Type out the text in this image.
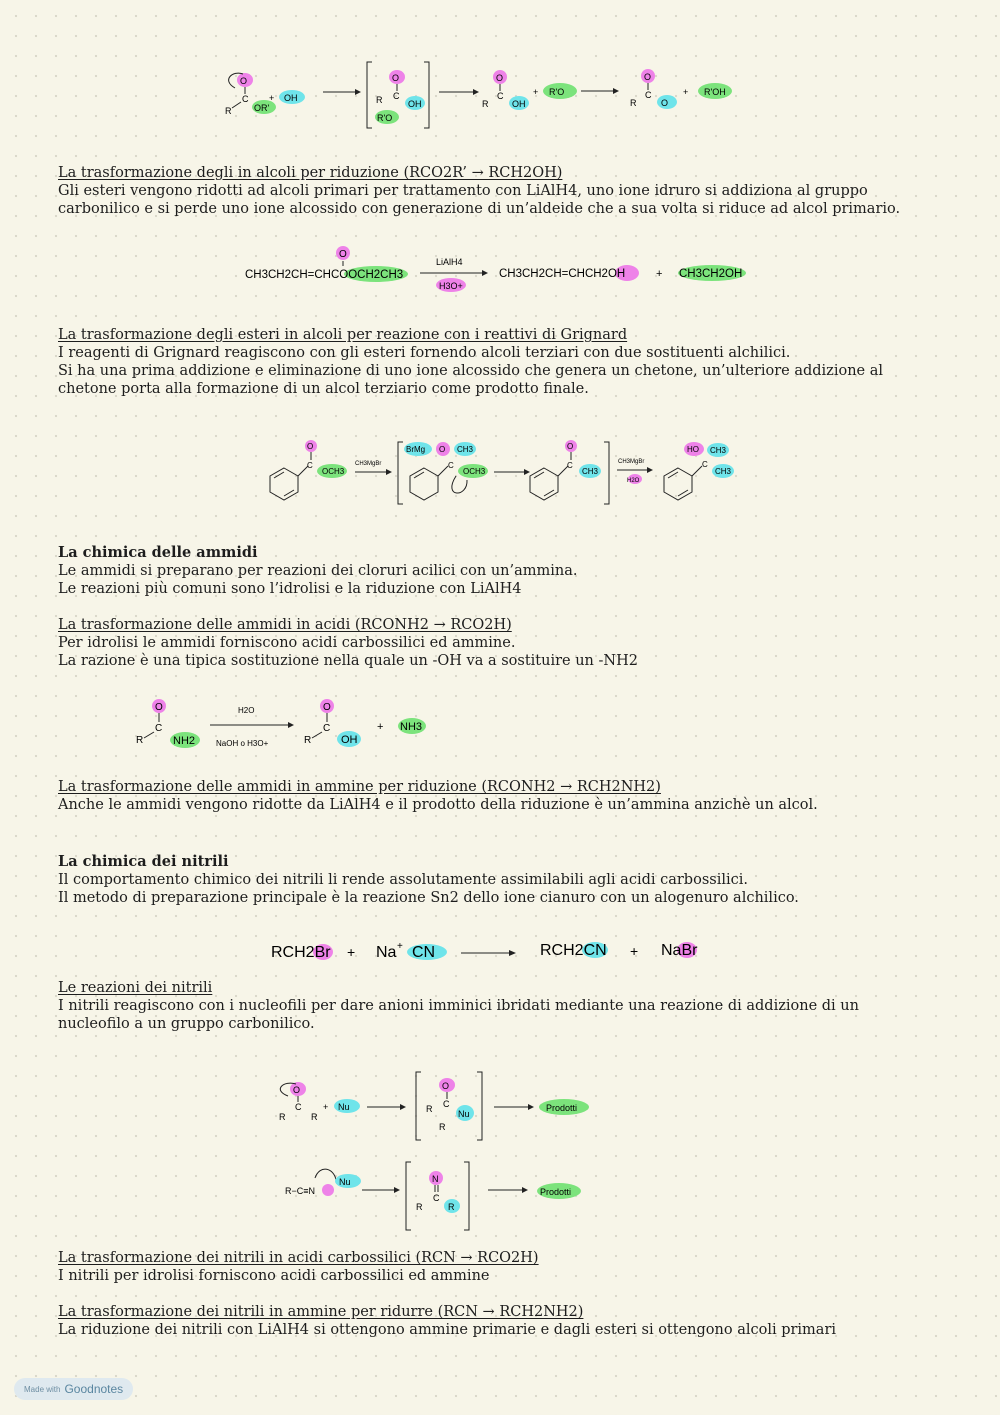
O
C
R	OR'
+ OH
O
C
R	OH
R'O
O
C
R	OH
+ R'O
O
C
R	O
+ R'OH

La trasformazione degli in alcoli per riduzione (RCO2R’ → RCH2OH)

Gli esteri vengono ridotti ad alcoli primari per trattamento con LiAlH4, uno ione idruro si addiziona al gruppo

carbonilico e si perde uno ione alcossido con generazione di un’aldeide che a sua volta si riduce ad alcol primario.

O
CH3CH2CH=CHCOOCH2CH3
LiAlH4
H3O+
CH3CH2CH=CHCH2OH	+ CH3CH2OH

La trasformazione degli esteri in alcoli per reazione con i reattivi di Grignard

I reagenti di Grignard reagiscono con gli esteri fornendo alcoli terziari con due sostituenti alchilici.

Si ha una prima addizione e eliminazione di uno ione alcossido che genera un chetone, un’ulteriore addizione al

chetone porta alla formazione di un alcol terziario come prodotto finale.

C
O
OCH3
CH3MgBr
BrMg O
C
CH3
OCH3
C
O
CH3
CH3MgBr
H2O
HO
C
CH3
CH3

La chimica delle ammidi

Le ammidi si preparano per reazioni dei cloruri acilici con un’ammina.

Le reazioni più comuni sono l’idrolisi e la riduzione con LiAlH4

La trasformazione delle ammidi in acidi (RCONH2 → RCO2H)

Per idrolisi le ammidi forniscono acidi carbossilici ed ammine.

La razione è una tipica sostituzione nella quale un -OH va a sostituire un -NH2

O
C
R	NH2
H2O
NaOH o H3O+
O
C
R	OH
+ NH3

La trasformazione delle ammidi in ammine per riduzione (RCONH2 → RCH2NH2)

Anche le ammidi vengono ridotte da LiAlH4 e il prodotto della riduzione è un’ammina anzichè un alcol.

La chimica dei nitrili

Il comportamento chimico dei nitrili li rende assolutamente assimilabili agli acidi carbossilici.

Il metodo di preparazione principale è la reazione Sn2 dello ione cianuro con un alogenuro alchilico.

RCH2Br + Na + CN	RCH2CN + NaBr

Le reazioni dei nitrili

I nitrili reagiscono con i nucleofili per dare anioni imminici ibridati mediante una reazione di addizione di un

nucleofilo a un gruppo carbonilico.

O
C
R	R
+ Nu
O
C
R
R
Nu
Prodotti
R−C≡N
Nu	N
C
R	R
Prodotti

La trasformazione dei nitrili in acidi carbossilici (RCN → RCO2H)

I nitrili per idrolisi forniscono acidi carbossilici ed ammine

La trasformazione dei nitrili in ammine per ridurre (RCN → RCH2NH2)

La riduzione dei nitrili con LiAlH4 si ottengono ammine primarie e dagli esteri si ottengono alcoli primari

Made with Goodnotes
